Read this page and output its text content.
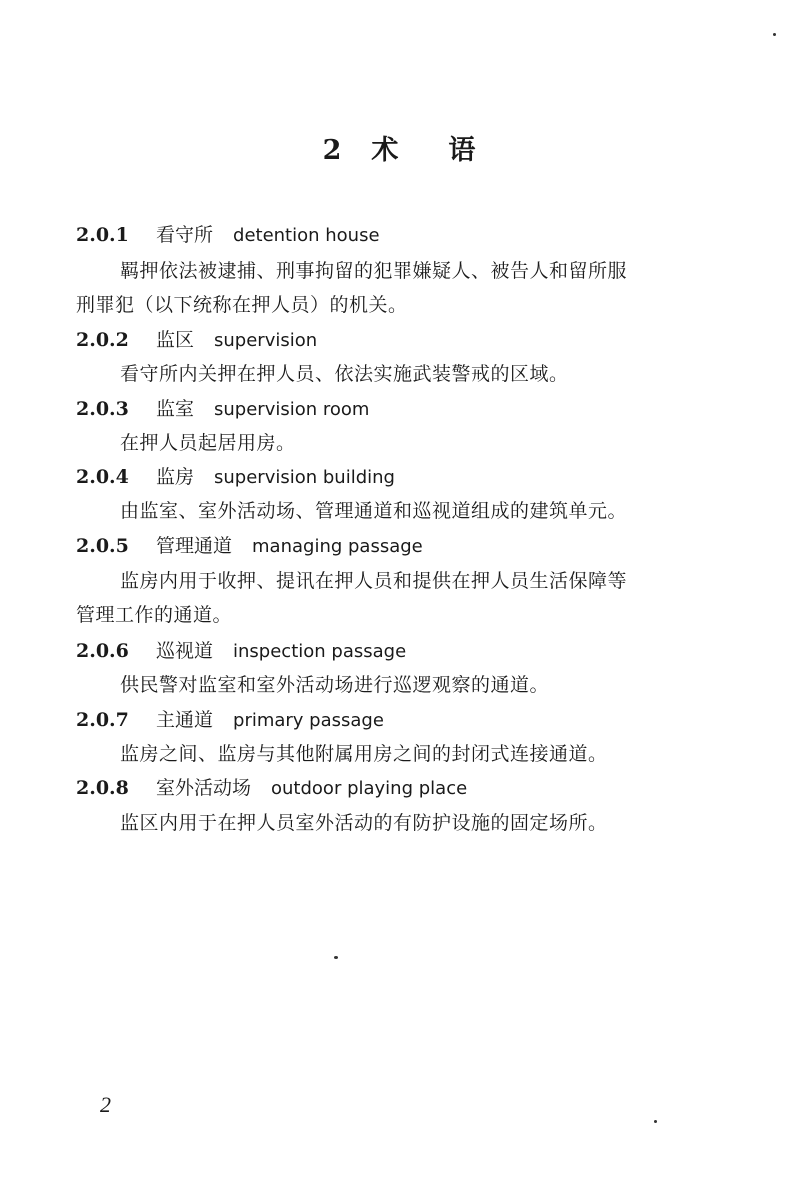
2 术 语
2.0.1 看守所 detention house
羁押依法被逮捕、刑事拘留的犯罪嫌疑人、被告人和留所服
刑罪犯（以下统称在押人员）的机关。
2.0.2 监区 supervision
看守所内关押在押人员、依法实施武装警戒的区域。
2.0.3 监室 supervision room
在押人员起居用房。
2.0.4 监房 supervision building
由监室、室外活动场、管理通道和巡视道组成的建筑单元。
2.0.5 管理通道 managing passage
监房内用于收押、提讯在押人员和提供在押人员生活保障等
管理工作的通道。
2.0.6 巡视道 inspection passage
供民警对监室和室外活动场进行巡逻观察的通道。
2.0.7 主通道 primary passage
监房之间、监房与其他附属用房之间的封闭式连接通道。
2.0.8 室外活动场 outdoor playing place
监区内用于在押人员室外活动的有防护设施的固定场所。
2
